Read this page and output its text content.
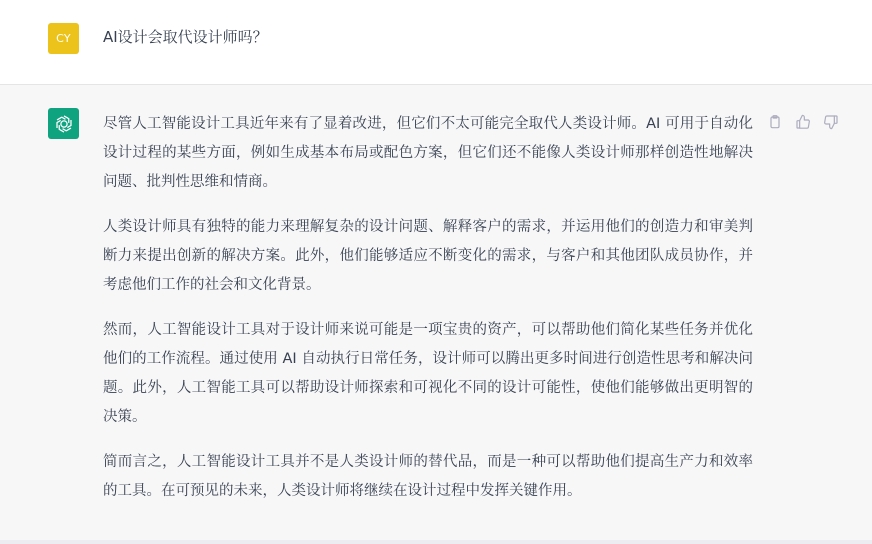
CY AI设计会取代设计师吗？

尽管人工智能设计工具近年来有了显着改进，但它们不太可能完全取代人类设计师。AI 可用于自动化设计过程的某些方面，例如生成基本布局或配色方案，但它们还不能像人类设计师那样创造性地解决问题、批判性思维和情商。

人类设计师具有独特的能力来理解复杂的设计问题、解释客户的需求，并运用他们的创造力和审美判断力来提出创新的解决方案。此外，他们能够适应不断变化的需求，与客户和其他团队成员协作，并考虑他们工作的社会和文化背景。

然而，人工智能设计工具对于设计师来说可能是一项宝贵的资产，可以帮助他们简化某些任务并优化他们的工作流程。通过使用 AI 自动执行日常任务，设计师可以腾出更多时间进行创造性思考和解决问题。此外，人工智能工具可以帮助设计师探索和可视化不同的设计可能性，使他们能够做出更明智的决策。

简而言之，人工智能设计工具并不是人类设计师的替代品，而是一种可以帮助他们提高生产力和效率的工具。在可预见的未来，人类设计师将继续在设计过程中发挥关键作用。
